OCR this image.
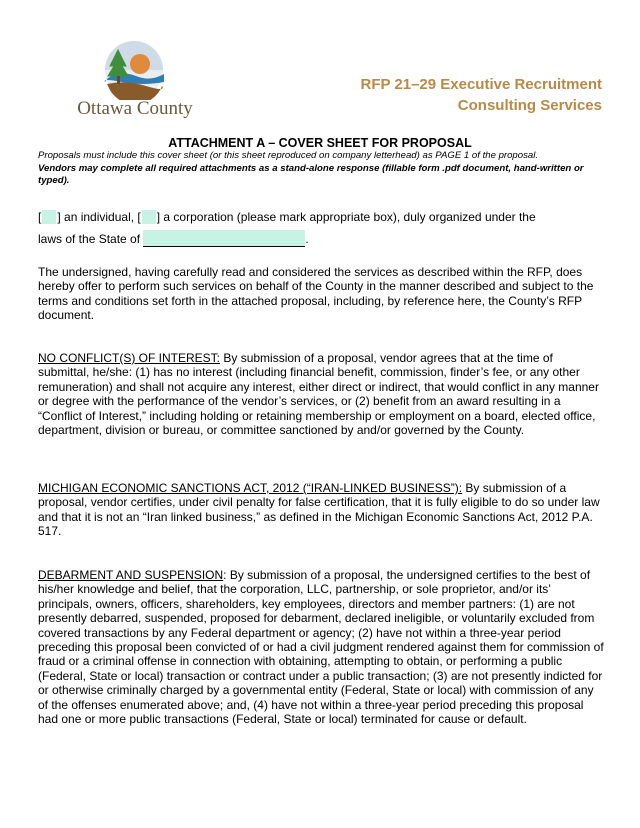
Ottawa County
RFP 21–29 Executive Recruitment
Consulting Services
ATTACHMENT A – COVER SHEET FOR PROPOSAL
Proposals must include this cover sheet (or this sheet reproduced on company letterhead) as PAGE 1 of the proposal.
Vendors may complete all required attachments as a stand-alone response (fillable form .pdf document, hand-written or typed).
[ ] an individual, [ ] a corporation (please mark appropriate box), duly organized under the
laws of the State of	.
The undersigned, having carefully read and considered the services as described within the RFP, does hereby offer to perform such services on behalf of the County in the manner described and subject to the terms and conditions set forth in the attached proposal, including, by reference here, the County’s RFP document.
NO CONFLICT(S) OF INTEREST: By submission of a proposal, vendor agrees that at the time of submittal, he/she: (1) has no interest (including financial benefit, commission, finder’s fee, or any other remuneration) and shall not acquire any interest, either direct or indirect, that would conflict in any manner or degree with the performance of the vendor’s services, or (2) benefit from an award resulting in a “Conflict of Interest,” including holding or retaining membership or employment on a board, elected office, department, division or bureau, or committee sanctioned by and/or governed by the County.
MICHIGAN ECONOMIC SANCTIONS ACT, 2012 (“IRAN-LINKED BUSINESS”): By submission of a proposal, vendor certifies, under civil penalty for false certification, that it is fully eligible to do so under law and that it is not an “Iran linked business,” as defined in the Michigan Economic Sanctions Act, 2012 P.A. 517.
DEBARMENT AND SUSPENSION: By submission of a proposal, the undersigned certifies to the best of his/her knowledge and belief, that the corporation, LLC, partnership, or sole proprietor, and/or its’ principals, owners, officers, shareholders, key employees, directors and member partners: (1) are not presently debarred, suspended, proposed for debarment, declared ineligible, or voluntarily excluded from covered transactions by any Federal department or agency; (2) have not within a three-year period preceding this proposal been convicted of or had a civil judgment rendered against them for commission of fraud or a criminal offense in connection with obtaining, attempting to obtain, or performing a public (Federal, State or local) transaction or contract under a public transaction; (3) are not presently indicted for or otherwise criminally charged by a governmental entity (Federal, State or local) with commission of any of the offenses enumerated above; and, (4) have not within a three-year period preceding this proposal had one or more public transactions (Federal, State or local) terminated for cause or default.
